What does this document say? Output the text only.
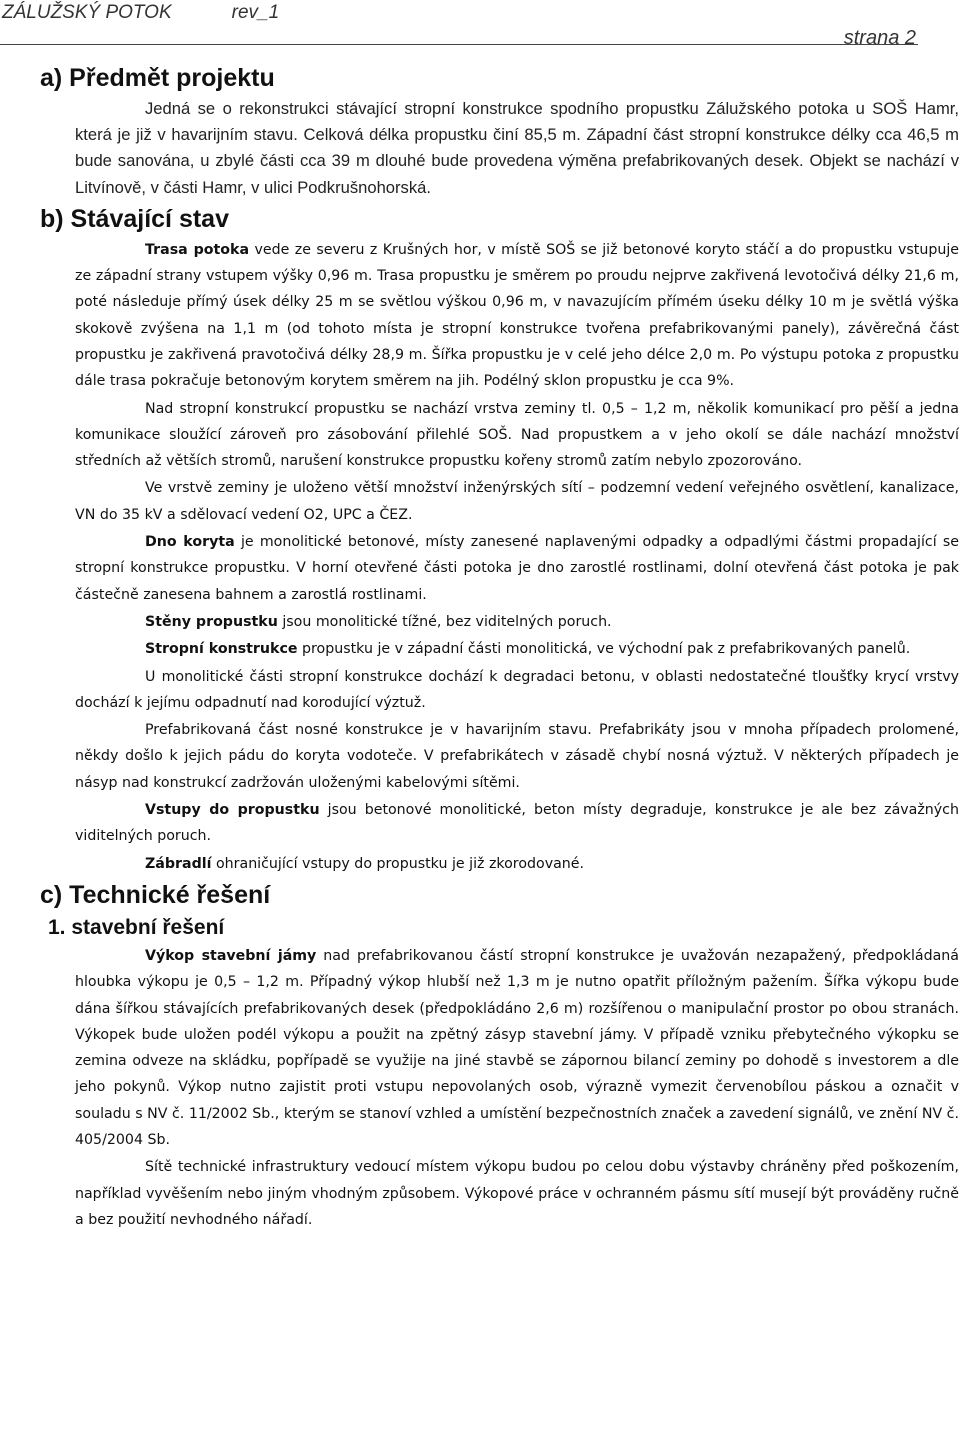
ZÁLUŽSKÝ POTOK	rev_1
strana 2
a) Předmět projektu

Jedná se o rekonstrukci stávající stropní konstrukce spodního propustku Zálužského potoka u SOŠ Hamr, která je již v havarijním stavu. Celková délka propustku činí 85,5 m. Západní část stropní konstrukce délky cca 46,5 m bude sanována, u zbylé části cca 39 m dlouhé bude provedena výměna prefabrikovaných desek. Objekt se nachází v Litvínově, v části Hamr, v ulici Podkrušnohorská.

b) Stávající stav

Trasa potoka vede ze severu z Krušných hor, v místě SOŠ se již betonové koryto stáčí a do propustku vstupuje ze západní strany vstupem výšky 0,96 m. Trasa propustku je směrem po proudu nejprve zakřivená levotočivá délky 21,6 m, poté následuje přímý úsek délky 25 m se světlou výškou 0,96 m, v navazujícím přímém úseku délky 10 m je světlá výška skokově zvýšena na 1,1 m (od tohoto místa je stropní konstrukce tvořena prefabrikovanými panely), závěrečná část propustku je zakřivená pravotočivá délky 28,9 m. Šířka propustku je v celé jeho délce 2,0 m. Po výstupu potoka z propustku dále trasa pokračuje betonovým korytem směrem na jih. Podélný sklon propustku je cca 9%.

Nad stropní konstrukcí propustku se nachází vrstva zeminy tl. 0,5 – 1,2 m, několik komunikací pro pěší a jedna komunikace sloužící zároveň pro zásobování přilehlé SOŠ. Nad propustkem a v jeho okolí se dále nachází množství středních až větších stromů, narušení konstrukce propustku kořeny stromů zatím nebylo zpozorováno.

Ve vrstvě zeminy je uloženo větší množství inženýrských sítí – podzemní vedení veřejného osvětlení, kanalizace, VN do 35 kV a sdělovací vedení O2, UPC a ČEZ.

Dno koryta je monolitické betonové, místy zanesené naplavenými odpadky a odpadlými částmi propadající se stropní konstrukce propustku. V horní otevřené části potoka je dno zarostlé rostlinami, dolní otevřená část potoka je pak částečně zanesena bahnem a zarostlá rostlinami.

Stěny propustku jsou monolitické tížné, bez viditelných poruch.

Stropní konstrukce propustku je v západní části monolitická, ve východní pak z prefabrikovaných panelů.

U monolitické části stropní konstrukce dochází k degradaci betonu, v oblasti nedostatečné tloušťky krycí vrstvy dochází k jejímu odpadnutí nad korodující výztuž.

Prefabrikovaná část nosné konstrukce je v havarijním stavu. Prefabrikáty jsou v mnoha případech prolomené, někdy došlo k jejich pádu do koryta vodoteče. V prefabrikátech v zásadě chybí nosná výztuž. V některých případech je násyp nad konstrukcí zadržován uloženými kabelovými sítěmi.

Vstupy do propustku jsou betonové monolitické, beton místy degraduje, konstrukce je ale bez závažných viditelných poruch.

Zábradlí ohraničující vstupy do propustku je již zkorodované.

c) Technické řešení
1. stavební řešení

Výkop stavební jámy nad prefabrikovanou částí stropní konstrukce je uvažován nezapažený, předpokládaná hloubka výkopu je 0,5 – 1,2 m. Případný výkop hlubší než 1,3 m je nutno opatřit příložným pažením. Šířka výkopu bude dána šířkou stávajících prefabrikovaných desek (předpokládáno 2,6 m) rozšířenou o manipulační prostor po obou stranách. Výkopek bude uložen podél výkopu a použit na zpětný zásyp stavební jámy. V případě vzniku přebytečného výkopku se zemina odveze na skládku, popřípadě se využije na jiné stavbě se zápornou bilancí zeminy po dohodě s investorem a dle jeho pokynů. Výkop nutno zajistit proti vstupu nepovolaných osob, výrazně vymezit červenobílou páskou a označit v souladu s NV č. 11/2002 Sb., kterým se stanoví vzhled a umístění bezpečnostních značek a zavedení signálů, ve znění NV č. 405/2004 Sb.

Sítě technické infrastruktury vedoucí místem výkopu budou po celou dobu výstavby chráněny před poškozením, například vyvěšením nebo jiným vhodným způsobem. Výkopové práce v ochranném pásmu sítí musejí být prováděny ručně a bez použití nevhodného nářadí.
